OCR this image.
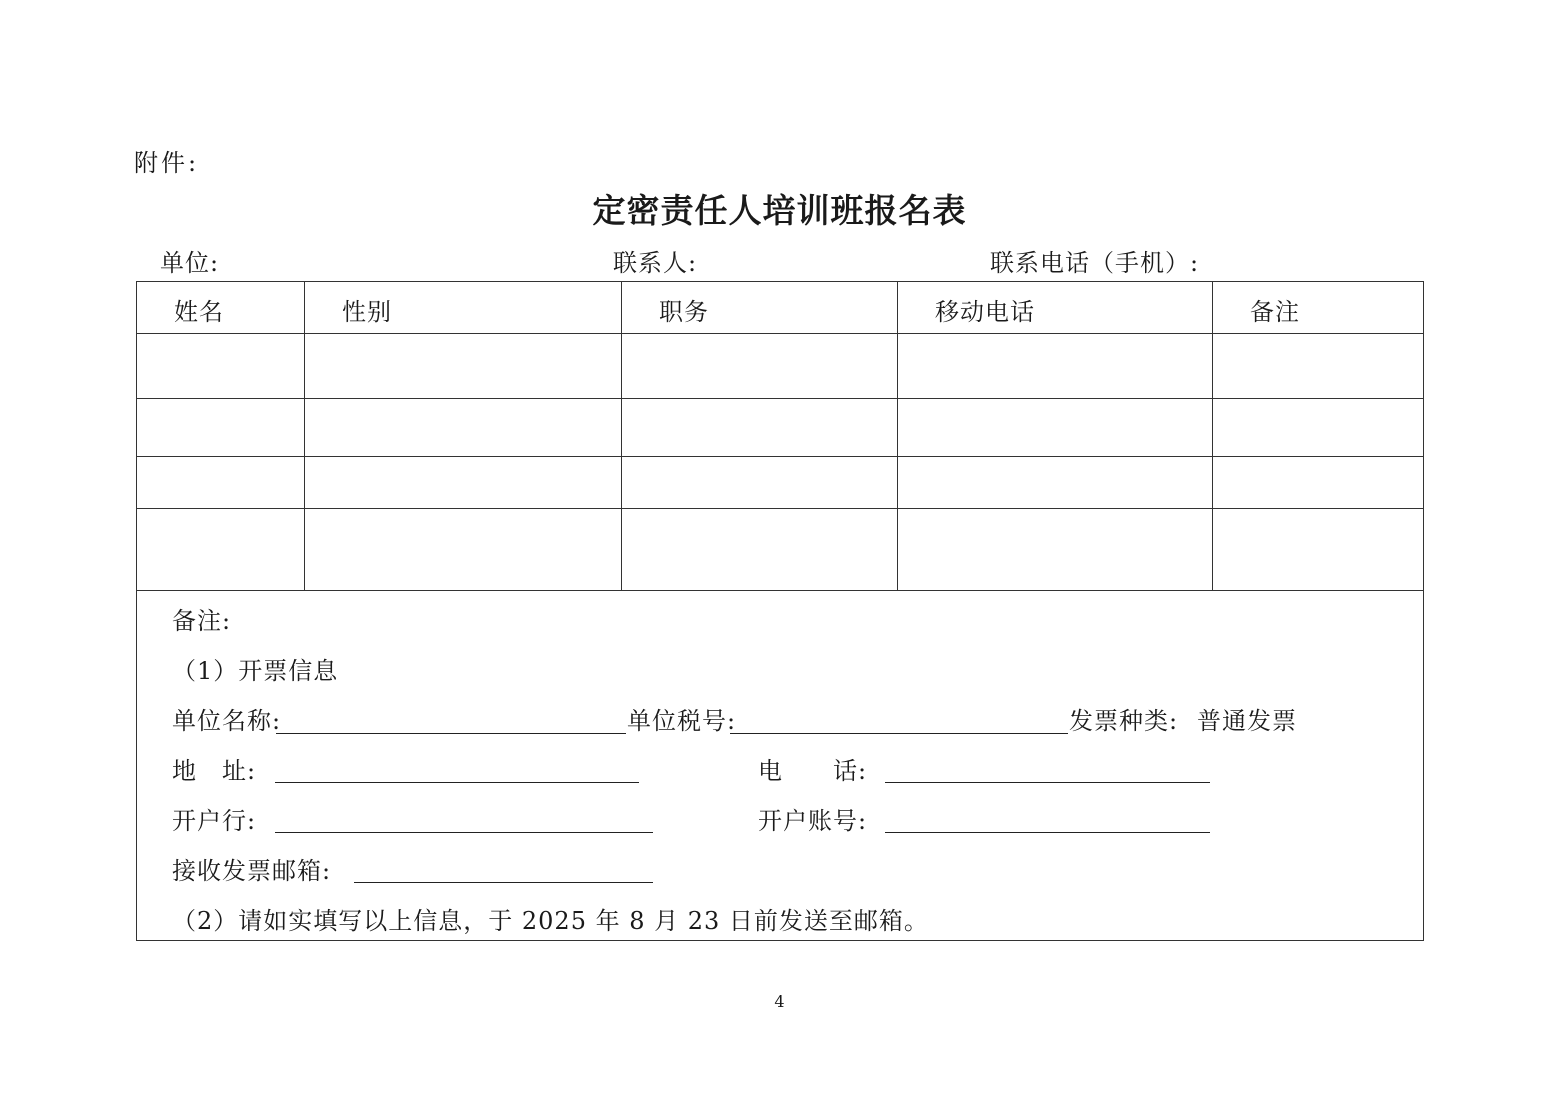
附件:
定密责任人培训班报名表
单位:	联系人:	联系电话（手机）:
姓名	性别	职务	移动电话	备注

备注:
（1）开票信息
单位名称:	单位税号:	发票种类: 普通发票
地　址:	电　　话:
开户行:	开户账号:
接收发票邮箱:
（2）请如实填写以上信息，于 2025 年 8 月 23 日前发送至邮箱。
4
